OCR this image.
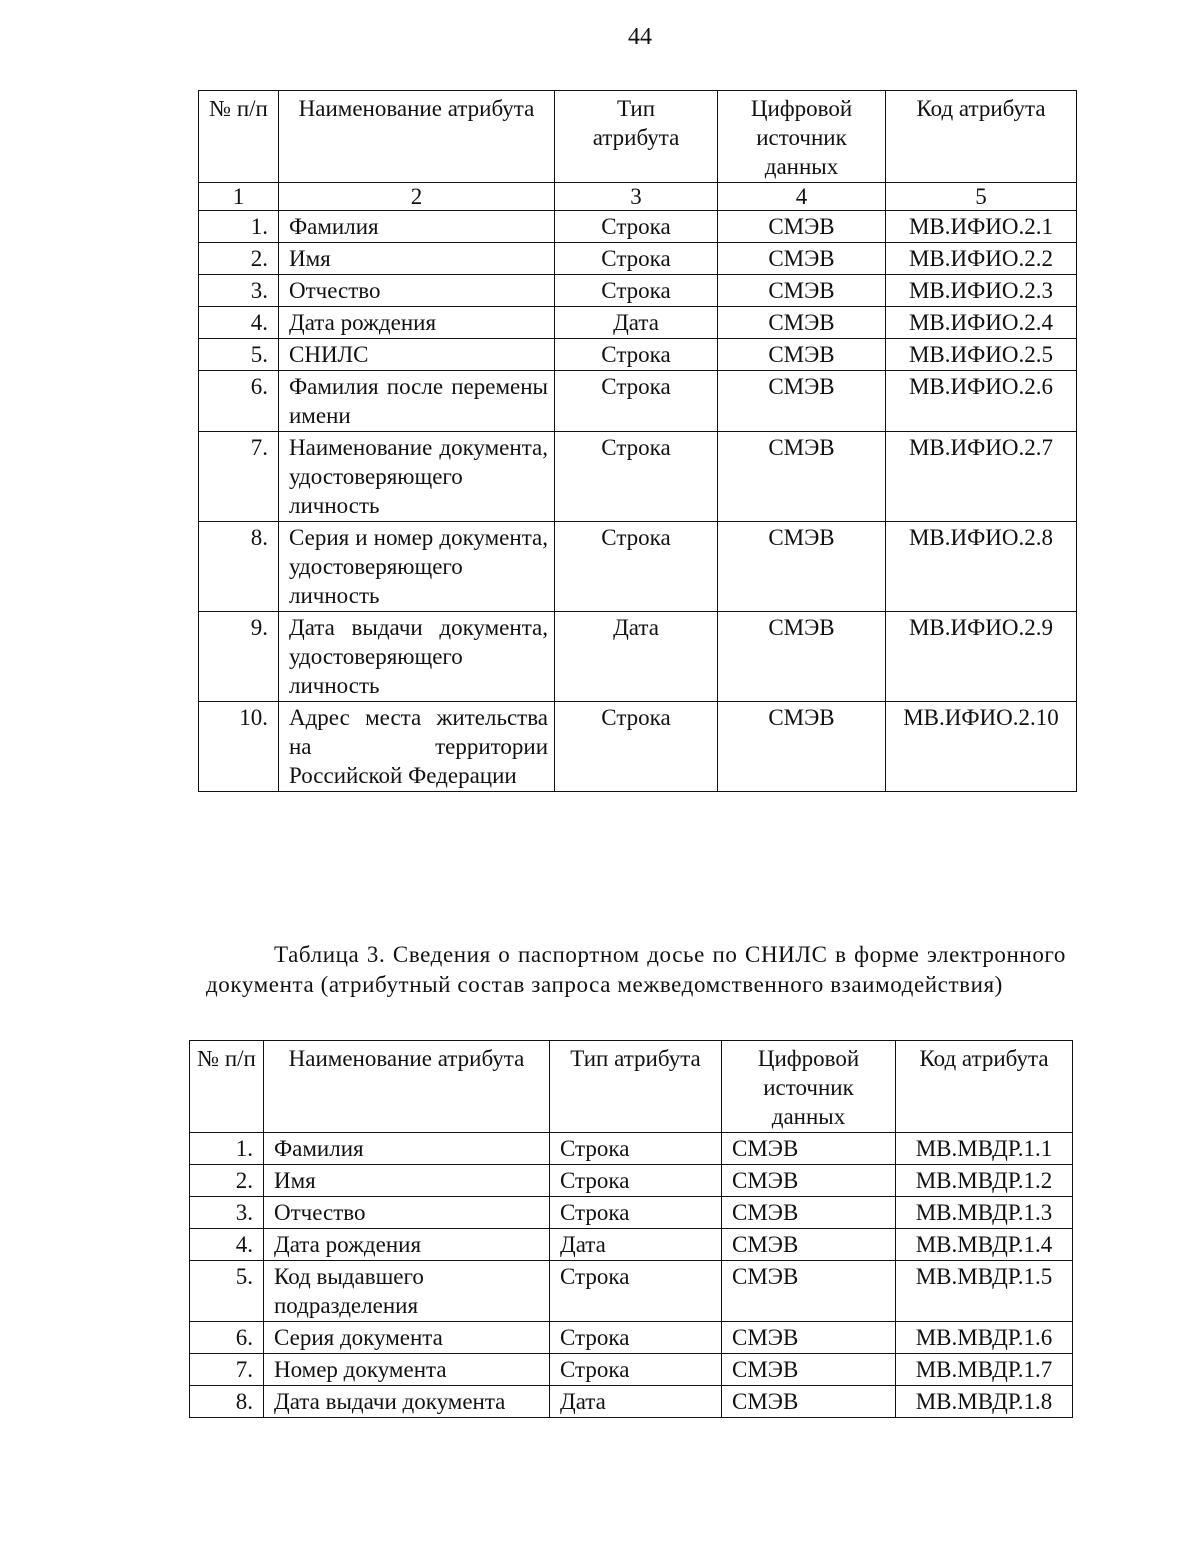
44
№ п/п	Наименование атрибута	Тип атрибута	Цифровой источник данных	Код атрибута
1	2	3	4	5
1.	Фамилия	Строка	СМЭВ	МВ.ИФИО.2.1
2.	Имя	Строка	СМЭВ	МВ.ИФИО.2.2
3.	Отчество	Строка	СМЭВ	МВ.ИФИО.2.3
4.	Дата рождения	Дата	СМЭВ	МВ.ИФИО.2.4
5.	СНИЛС	Строка	СМЭВ	МВ.ИФИО.2.5
6.	Фамилия после перемены имени	Строка	СМЭВ	МВ.ИФИО.2.6
7.	Наименование документа, удостоверяющего личность	Строка	СМЭВ	МВ.ИФИО.2.7
8.	Серия и номер документа, удостоверяющего личность	Строка	СМЭВ	МВ.ИФИО.2.8
9.	Дата выдачи документа, удостоверяющего личность	Дата	СМЭВ	МВ.ИФИО.2.9
10.	Адрес места жительства на территории Российской Федерации	Строка	СМЭВ	МВ.ИФИО.2.10
Таблица 3. Сведения о паспортном досье по СНИЛС в форме электронного документа (атрибутный состав запроса межведомственного взаимодействия)
№ п/п	Наименование атрибута	Тип атрибута	Цифровой источник данных	Код атрибута
1.	Фамилия	Строка	СМЭВ	МВ.МВДР.1.1
2.	Имя	Строка	СМЭВ	МВ.МВДР.1.2
3.	Отчество	Строка	СМЭВ	МВ.МВДР.1.3
4.	Дата рождения	Дата	СМЭВ	МВ.МВДР.1.4
5.	Код выдавшего подразделения	Строка	СМЭВ	МВ.МВДР.1.5
6.	Серия документа	Строка	СМЭВ	МВ.МВДР.1.6
7.	Номер документа	Строка	СМЭВ	МВ.МВДР.1.7
8.	Дата выдачи документа	Дата	СМЭВ	МВ.МВДР.1.8
